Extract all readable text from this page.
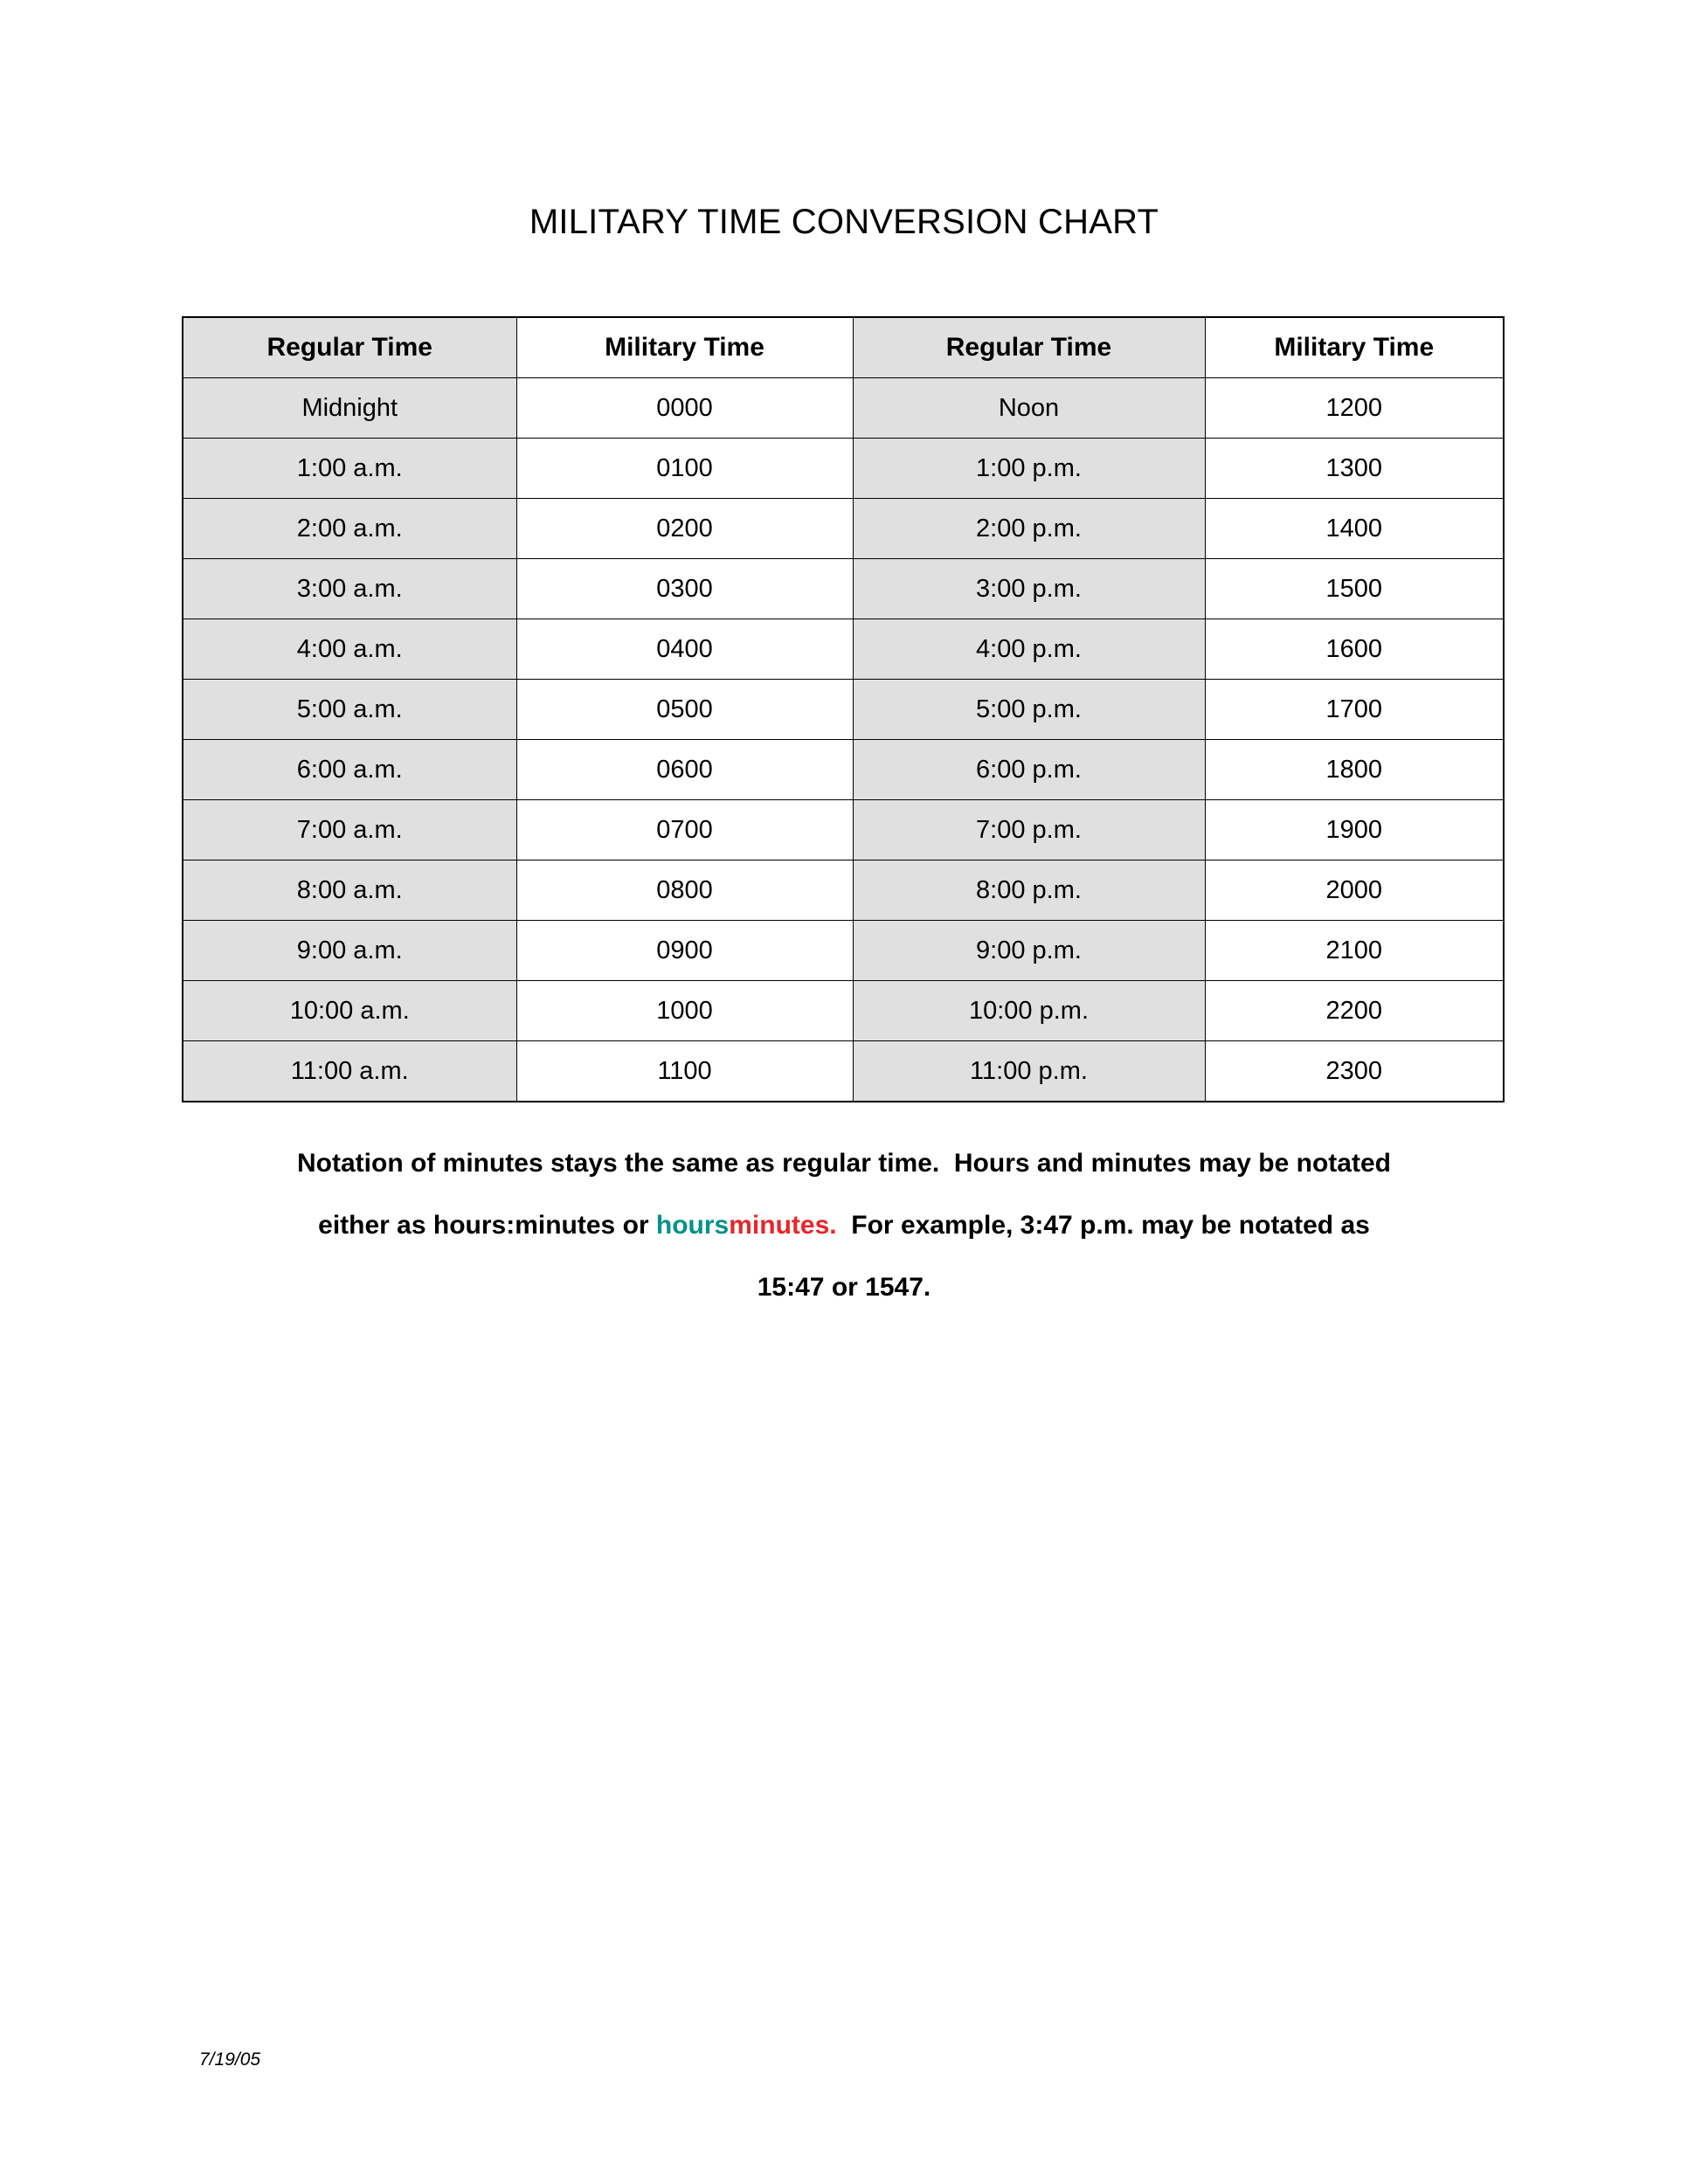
MILITARY TIME CONVERSION CHART
Regular Time	Military Time	Regular Time	Military Time
Midnight	0000	Noon	1200
1:00 a.m.	0100	1:00 p.m.	1300
2:00 a.m.	0200	2:00 p.m.	1400
3:00 a.m.	0300	3:00 p.m.	1500
4:00 a.m.	0400	4:00 p.m.	1600
5:00 a.m.	0500	5:00 p.m.	1700
6:00 a.m.	0600	6:00 p.m.	1800
7:00 a.m.	0700	7:00 p.m.	1900
8:00 a.m.	0800	8:00 p.m.	2000
9:00 a.m.	0900	9:00 p.m.	2100
10:00 a.m.	1000	10:00 p.m.	2200
11:00 a.m.	1100	11:00 p.m.	2300
Notation of minutes stays the same as regular time.  Hours and minutes may be notated
either as hours:minutes or hoursminutes.  For example, 3:47 p.m. may be notated as
15:47 or 1547.
7/19/05
